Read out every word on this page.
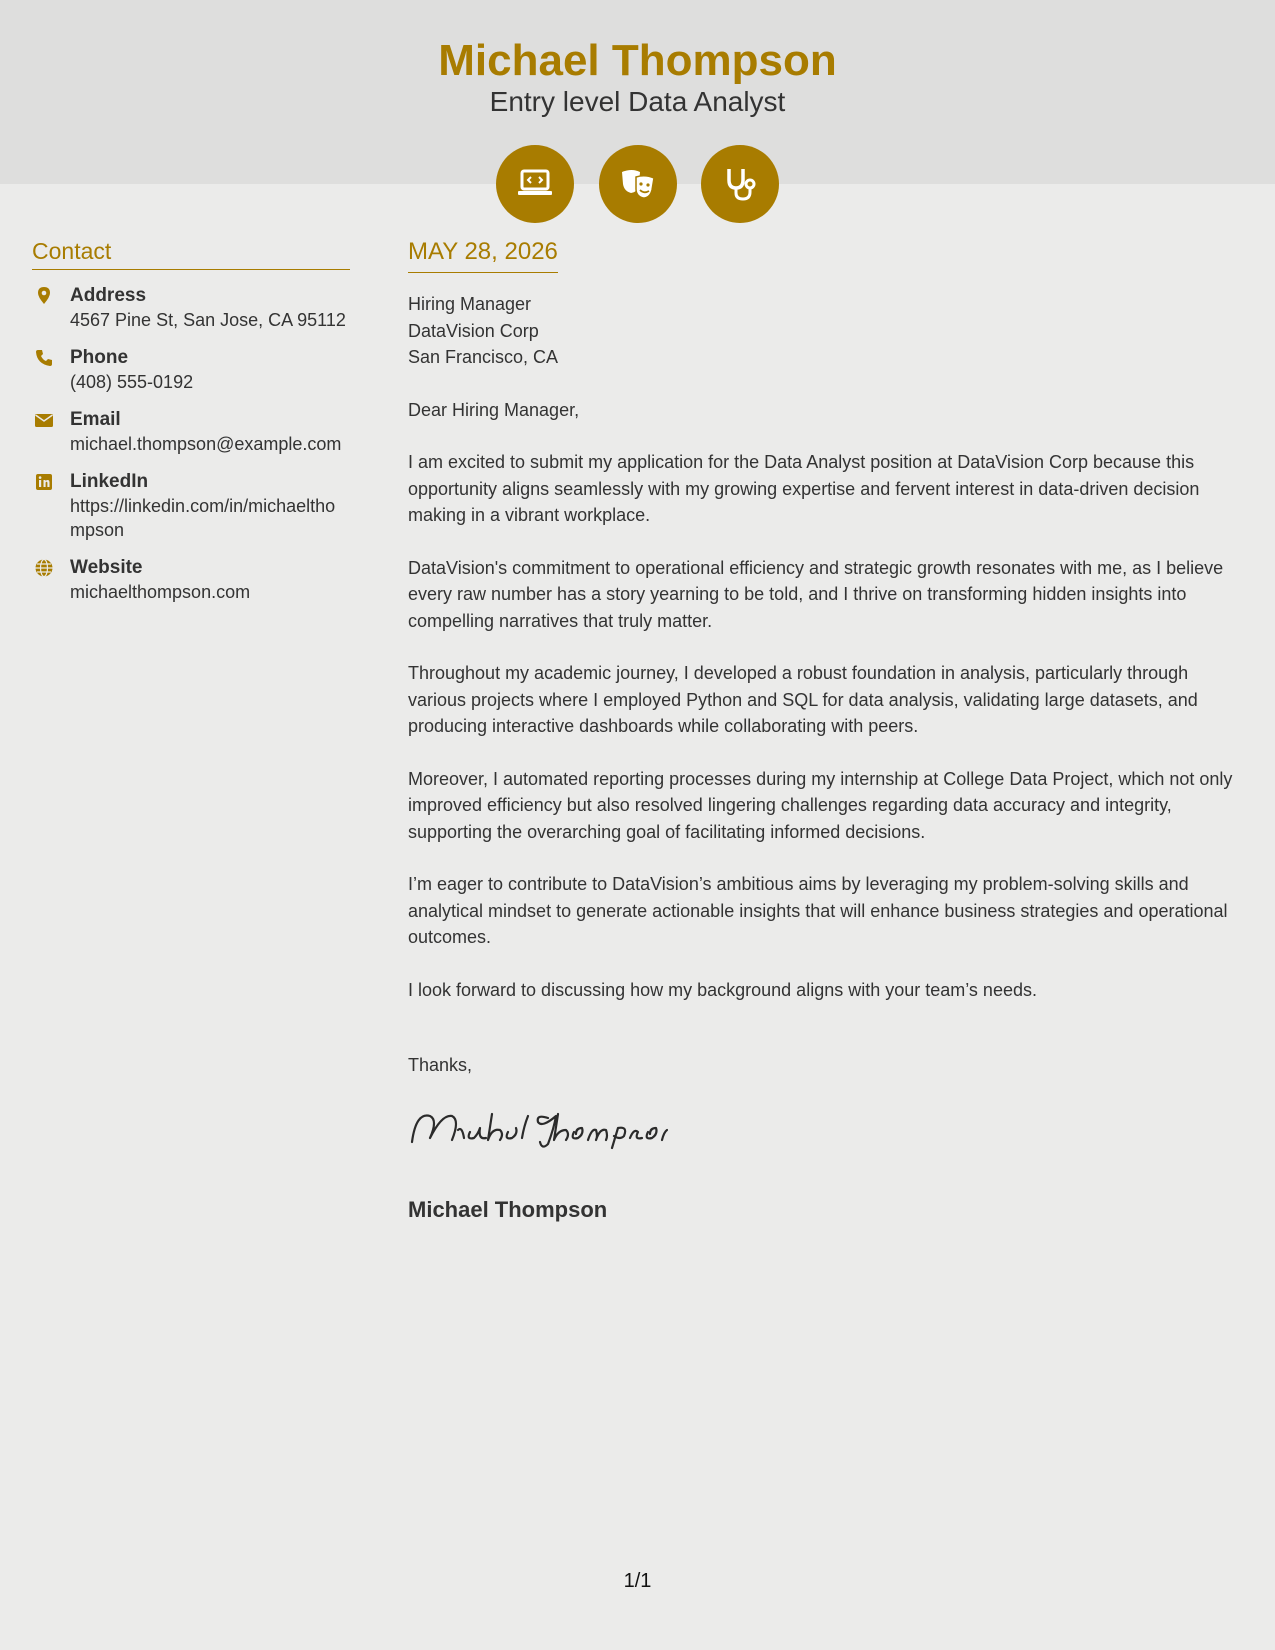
Michael Thompson
Entry level Data Analyst
Contact
Address
4567 Pine St, San Jose, CA 95112
Phone
(408) 555-0192
Email
michael.thompson@example.com
LinkedIn
https://linkedin.com/in/michaelthompson
Website
michaelthompson.com
MAY 28, 2026
Hiring Manager
DataVision Corp
San Francisco, CA

Dear Hiring Manager,

I am excited to submit my application for the Data Analyst position at DataVision Corp because this opportunity aligns seamlessly with my growing expertise and fervent interest in data-driven decision making in a vibrant workplace.

DataVision's commitment to operational efficiency and strategic growth resonates with me, as I believe every raw number has a story yearning to be told, and I thrive on transforming hidden insights into compelling narratives that truly matter.

Throughout my academic journey, I developed a robust foundation in analysis, particularly through various projects where I employed Python and SQL for data analysis, validating large datasets, and producing interactive dashboards while collaborating with peers.

Moreover, I automated reporting processes during my internship at College Data Project, which not only improved efficiency but also resolved lingering challenges regarding data accuracy and integrity, supporting the overarching goal of facilitating informed decisions.

I’m eager to contribute to DataVision’s ambitious aims by leveraging my problem-solving skills and analytical mindset to generate actionable insights that will enhance business strategies and operational outcomes.

I look forward to discussing how my background aligns with your team’s needs.

Thanks,
Michael Thompson
1/1
